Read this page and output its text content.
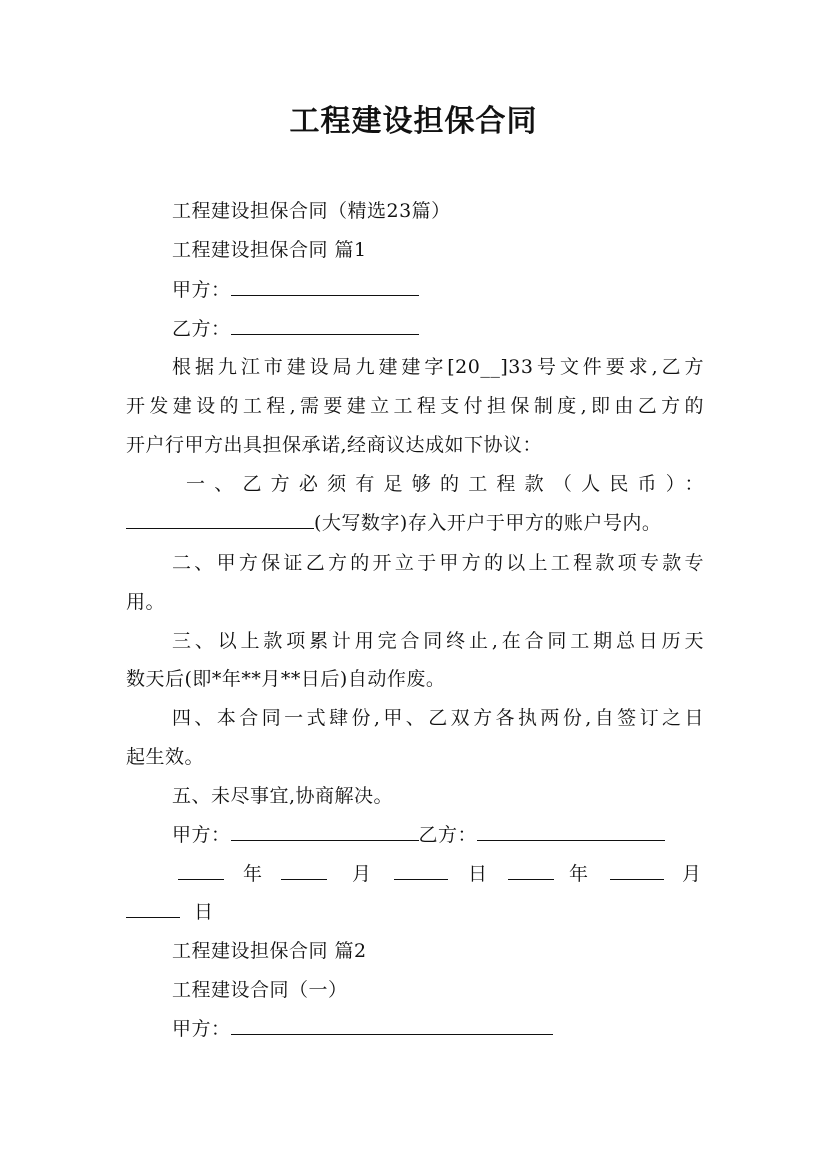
工程建设担保合同
工程建设担保合同（精选23篇）
工程建设担保合同 篇1
甲方：
乙方：
根据九江市建设局九建建字[20__]33号文件要求,乙方
开发建设的工程,需要建立工程支付担保制度,即由乙方的
开户行甲方出具担保承诺,经商议达成如下协议：
一、乙方必须有足够的工程款（人民币）：
(大写数字)存入开户于甲方的账户号内。
二、甲方保证乙方的开立于甲方的以上工程款项专款专
用。
三、以上款项累计用完合同终止,在合同工期总日历天
数天后(即*年**月**日后)自动作废。
四、本合同一式肆份,甲、乙双方各执两份,自签订之日
起生效。
五、未尽事宜,协商解决。
甲方：	乙方：
年	月	日	年	月
日
工程建设担保合同 篇2
工程建设合同（一）
甲方：
